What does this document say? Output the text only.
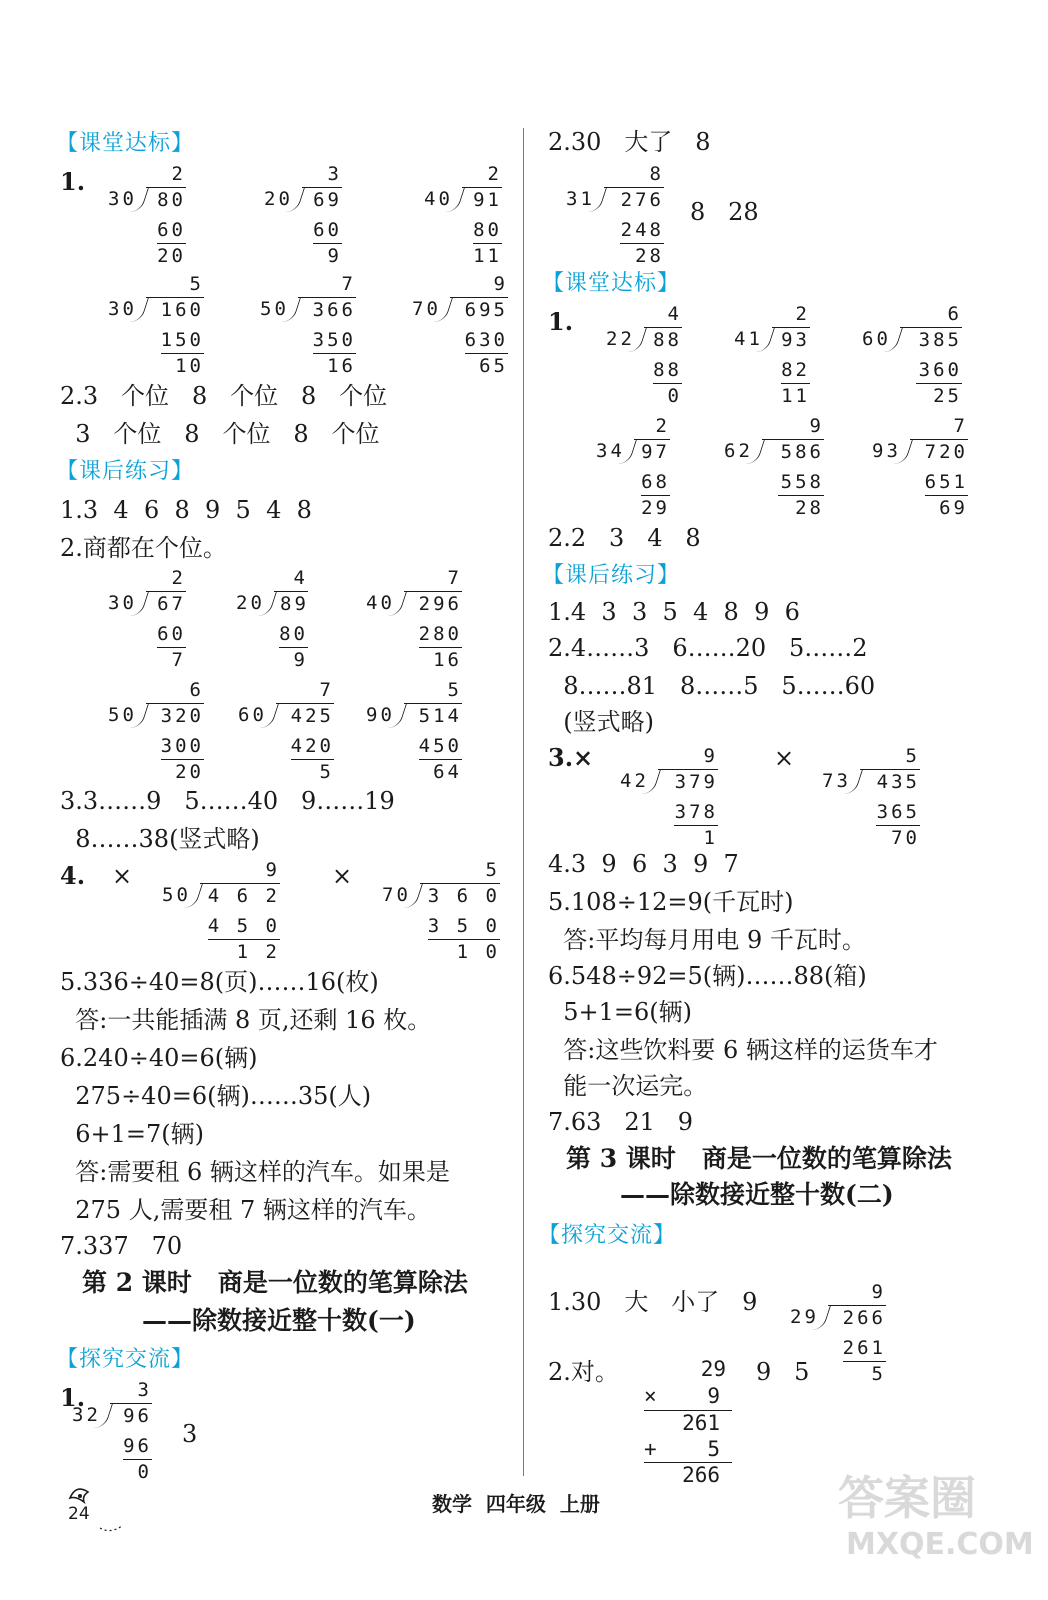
【 课堂达标 】
1.	2
30	80
60
20
3
20	69
60
9
2
40	91
80
11
5
30	160
150
10
7
50	366
350
16
9
70	695
630
65
2.3   个位   8   个位   8   个位
3   个位   8   个位   8   个位
【 课后练习 】
1.3  4  6  8  9  5  4  8
2.商都在个位。
2
30	67
60
7
4
20 89
80
9
7
40	296
280
16
6
50	320
300
20
7
60	425
420
5
5
90	514
450
64
3.3……9   5……40   9……19
8……38(竖式略)
4. ×	×
9
50 4 6 2
4 5 0
1 2
5
70 3 6 0
3 5 0
1 0
5.336÷40=8(页)……16(枚)
答:一共能插满 8 页,还剩 16 枚。
6.240÷40=6(辆)
275÷40=6(辆)……35(人)
6+1=7(辆)
答:需要租 6 辆这样的汽车。如果是
275 人,需要租 7 辆这样的汽车。
7.337   70
第 2 课时   商是一位数的笔算除法
——除数接近整十数(一)
【 探究交流 】
1.	3
32	96
96
0
3
2.30   大了   8
8
31	276
248
28
8   28
【 课堂达标 】
1.	4
22 88
88
0
2
41 93
82
11
6
60	385
360
25
2
34 97
68
29
9
62	586
558
28
7
93	720
651
69
2.2   3   4   8
【 课后练习 】
1.4  3  3  5  4  8  9  6
2.4……3   6……20   5……2
8……81   8……5   5……60
(竖式略)
3.×	×
9
42	379
378
1
5
73	435
365
70
4.3  9  6  3  9  7
5.108÷12=9(千瓦时)
答:平均每月用电 9 千瓦时。
6.548÷92=5(辆)……88(箱)
5+1=6(辆)
答:这些饮料要 6 辆这样的运货车才
能一次运完。
7.63   21   9
第 3 课时   商是一位数的笔算除法
——除数接近整十数(二)
【 探究交流 】
1.30   大   小了   9	9
29	266
261
5
2.对。	9   5
29
× 9
261
+ 5
266
24	数学  四年级  上册	答案圈
MXQE.COM
